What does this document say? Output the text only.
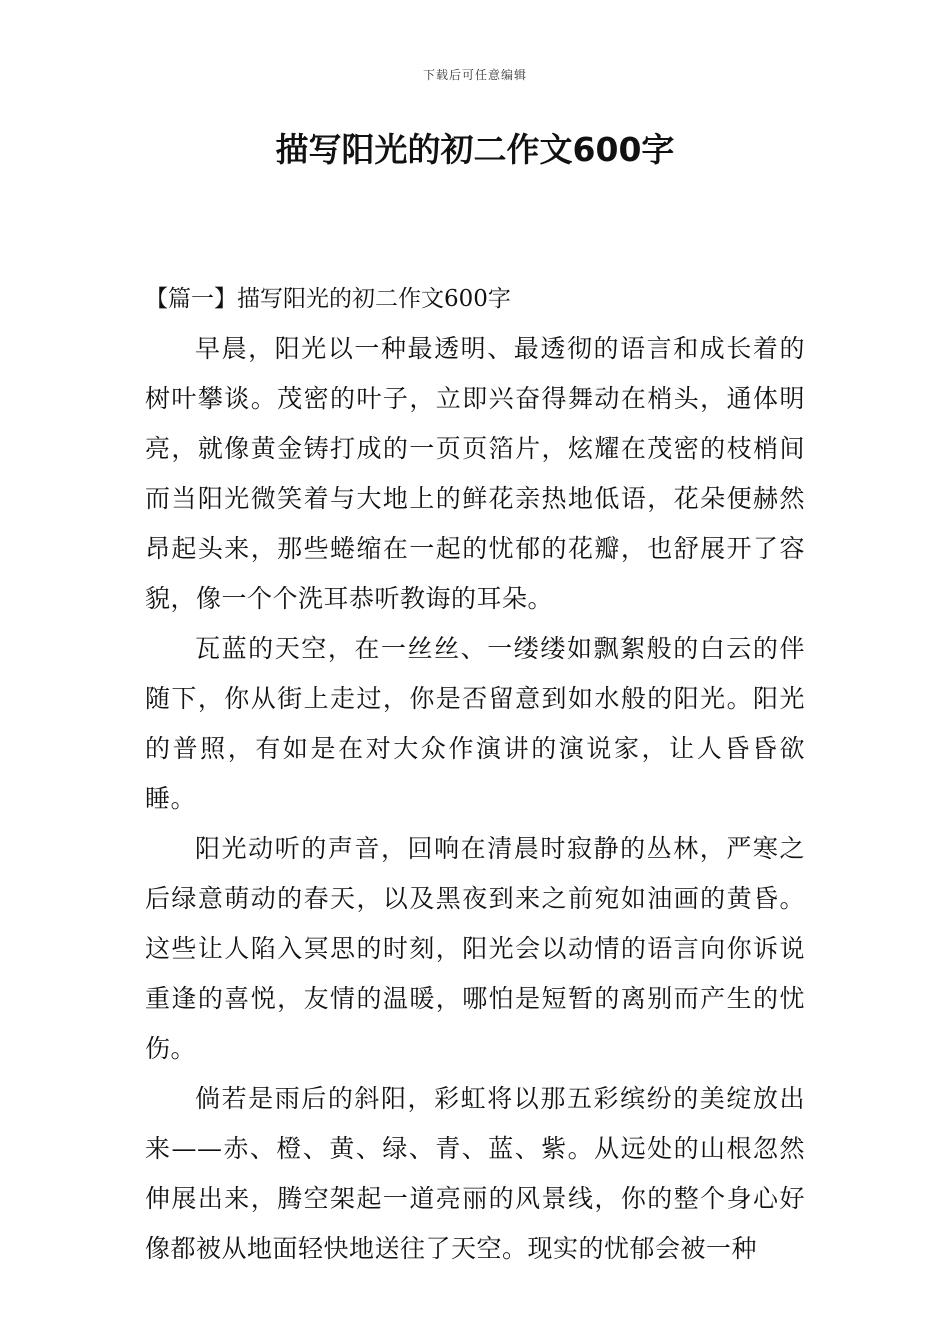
下载后可任意编辑
描写阳光的初二作文600字

【篇一】描写阳光的初二作文600字

早晨，阳光以一种最透明、最透彻的语言和成长着的树叶攀谈。茂密的叶子，立即兴奋得舞动在梢头，通体明亮，就像黄金铸打成的一页页箔片，炫耀在茂密的枝梢间而当阳光微笑着与大地上的鲜花亲热地低语，花朵便赫然昂起头来，那些蜷缩在一起的忧郁的花瓣，也舒展开了容貌，像一个个洗耳恭听教诲的耳朵。

瓦蓝的天空，在一丝丝、一缕缕如飘絮般的白云的伴随下，你从街上走过，你是否留意到如水般的阳光。阳光的普照，有如是在对大众作演讲的演说家，让人昏昏欲睡。

阳光动听的声音，回响在清晨时寂静的丛林，严寒之后绿意萌动的春天，以及黑夜到来之前宛如油画的黄昏。这些让人陷入冥思的时刻，阳光会以动情的语言向你诉说重逢的喜悦，友情的温暖，哪怕是短暂的离别而产生的忧伤。

倘若是雨后的斜阳，彩虹将以那五彩缤纷的美绽放出来——赤、橙、黄、绿、青、蓝、紫。从远处的山根忽然伸展出来，腾空架起一道亮丽的风景线，你的整个身心好像都被从地面轻快地送往了天空。现实的忧郁会被一种
